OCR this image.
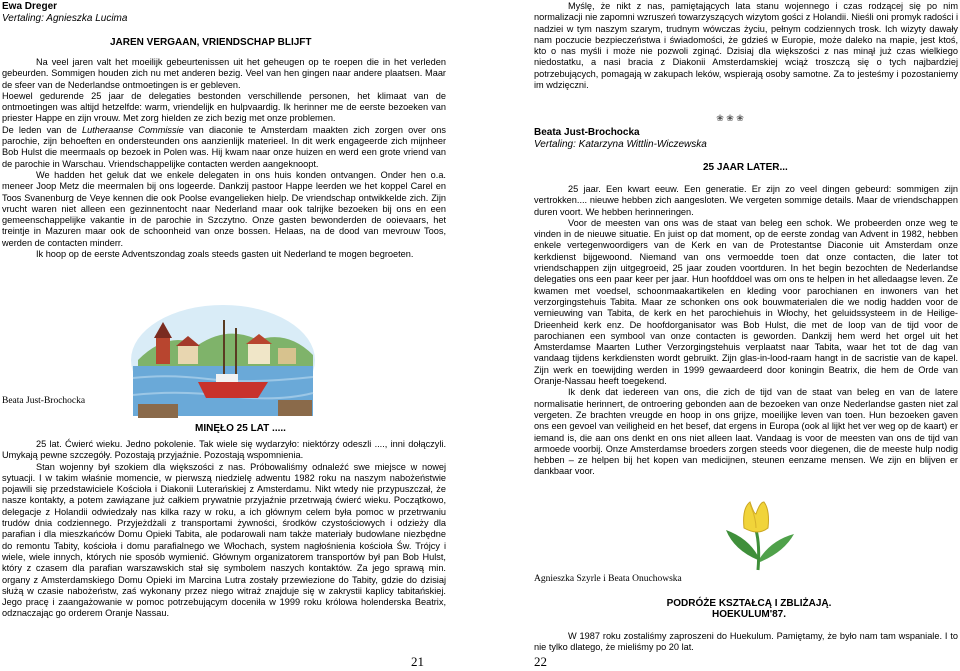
Ewa Dreger
Vertaling: Agnieszka Lucima
JAREN VERGAAN, VRIENDSCHAP BLIJFT

Na veel jaren valt het moeilijk gebeurtenissen uit het geheugen op te roepen die in het verleden gebeurden. Sommigen houden zich nu met anderen bezig. Veel van hen gingen naar andere plaatsen. Maar de sfeer van de Nederlandse ontmoetingen is er gebleven.

Hoewel gedurende 25 jaar de delegaties bestonden verschillende personen, het klimaat van de ontmoetingen was altijd hetzelfde: warm, vriendelijk en hulpvaardig. Ik herinner me de eerste bezoeken van priester Happe en zijn vrouw. Met zorg hielden ze zich bezig met onze problemen.

De leden van de Lutheraanse Commissie van diaconie te Amsterdam maakten zich zorgen over ons parochie, zijn behoeften en ondersteunden ons aanzienlijk materieel. In dit werk engageerde zich mijnheer Bob Hulst die meermaals op bezoek in Polen was. Hij kwam naar onze huizen en werd een grote vriend van de parochie in Warschau. Vriendschappelijke contacten werden aangeknoopt.

We hadden het geluk dat we enkele delegaten in ons huis konden ontvangen. Onder hen o.a. meneer Joop Metz die meermalen bij ons logeerde. Dankzij pastoor Happe leerden we het koppel Carel en Toos Svanenburg de Veye kennen die ook Poolse evangelieken hielp. De vriendschap ontwikkelde zich. Zijn vrucht waren niet alleen een gezinnentocht naar Nederland maar ook talrijke bezoeken bij ons en een gemeenschappelijke vakantie in de parochie in Szczytno. Onze gasten bewonderden de ooievaars, het treintje in Mazuren maar ook de schoonheid van onze bossen. Helaas, na de dood van mevrouw Toos, werden de contacten minderr.

Ik hoop op de eerste Adventszondag zoals steeds gasten uit Nederland te mogen begroeten.

Beata Just-Brochocka
MINĘŁO 25 LAT .....

25 lat. Ćwierć wieku. Jedno pokolenie. Tak wiele się wydarzyło: niektórzy odeszli ...., inni dołączyli. Umykają pewne szczegóły. Pozostają przyjaźnie. Pozostają wspomnienia.

Stan wojenny był szokiem dla większości z nas. Próbowaliśmy odnaleźć swe miejsce w nowej sytuacji. I w takim właśnie momencie, w pierwszą niedzielę adwentu 1982 roku na naszym nabożeństwie pojawili się przedstawiciele Kościoła i Diakonii Luterańskiej z Amsterdamu. Nikt wtedy nie przypuszczał, że nasze kontakty, a potem zawiązane już całkiem prywatnie przyjaźnie przetrwają ćwierć wieku. Początkowo, delegacje z Holandii odwiedzały nas kilka razy w roku, a ich głównym celem była pomoc w przetrwaniu trudów dnia codziennego. Przyjeżdżali z transportami żywności, środków czystościowych i odzieży dla parafian i dla mieszkańców Domu Opieki Tabita, ale podarowali nam także materiały budowlane niezbędne do remontu Tabity, kościoła i domu parafialnego we Włochach, system nagłośnienia kościoła Św. Trójcy i wiele, wiele innych, których nie sposób wymienić. Głównym organizatorem transportów był pan Bob Hulst, który z czasem dla parafian warszawskich stał się symbolem naszych kontaktów. Za jego sprawą min. organy z Amsterdamskiego Domu Opieki im Marcina Lutra zostały przewiezione do Tabity, gdzie do dzisiaj służą w czasie nabożeństw, zaś wykonany przez niego witraż znajduje się w zakrystii kaplicy tabitańskiej. Jego pracę i zaangażowanie w pomoc potrzebującym doceniła w 1999 roku królowa holenderska Beatrix, odznaczając go orderem Oranje Nassau.

21

Myślę, że nikt z nas, pamiętających lata stanu wojennego i czas rodzącej się po nim normalizacji nie zapomni wzruszeń towarzyszących wizytom gości z Holandii. Nieśli oni promyk radości i nadziei w tym naszym szarym, trudnym wówczas życiu, pełnym codziennych trosk. Ich wizyty dawały nam poczucie bezpieczeństwa i świadomości, że gdzieś w Europie, może daleko na mapie, jest ktoś, kto o nas myśli i może nie pozwoli zginąć. Dzisiaj dla większości z nas minął już czas wielkiego niedostatku, a nasi bracia z Diakonii Amsterdamskiej wciąż troszczą się o tych najbardziej potrzebujących, pomagają w zakupach leków, wspierają osoby samotne. Za to jesteśmy i pozostaniemy im wdzięczni.

❀ ❀ ❀
Beata Just-Brochocka
Vertaling: Katarzyna Wittlin-Wiczewska
25 JAAR LATER...

25 jaar. Een kwart eeuw. Een generatie. Er zijn zo veel dingen gebeurd: sommigen zijn vertrokken.... nieuwe hebben zich aangesloten. We vergeten sommige details. Maar de vriendschappen duren voort. We hebben herinneringen.

Voor de meesten van ons was de staat van beleg een schok. We probeerden onze weg te vinden in de nieuwe situatie. En juist op dat moment, op de eerste zondag van Advent in 1982, hebben enkele vertegenwoordigers van de Kerk en van de Protestantse Diaconie uit Amsterdam onze kerkdienst bijgewoond. Niemand van ons vermoedde toen dat onze contacten, die later tot vriendschappen zijn uitgegroeid, 25 jaar zouden voortduren. In het begin bezochten de Nederlandse delegaties ons een paar keer per jaar. Hun hoofddoel was om ons te helpen in het alledaagse leven. Ze kwamen met voedsel, schoonmaakartikelen en kleding voor parochianen en inwoners van het verzorgingstehuis Tabita. Maar ze schonken ons ook bouwmaterialen die we nodig hadden voor de vernieuwing van Tabita, de kerk en het parochiehuis in Włochy, het geluidssysteem in de Heilige-Drieenheid kerk enz. De hoofdorganisator was Bob Hulst, die met de loop van de tijd voor de parochianen een symbool van onze contacten is geworden. Dankzij hem werd het orgel uit het Amsterdamse Maarten Luther Verzorgingstehuis verplaatst naar Tabita, waar het tot de dag van vandaag tijdens kerkdiensten wordt gebruikt. Zijn glas-in-lood-raam hangt in de sacristie van de kapel. Zijn werk en toewijding werden in 1999 gewaardeerd door koningin Beatrix, die hem de Orde van Oranje-Nassau heeft toegekend.

Ik denk dat iedereen van ons, die zich de tijd van de staat van beleg en van de latere normalisatie herinnert, de ontroering gebonden aan de bezoeken van onze Nederlandse gasten niet zal vergeten. Ze brachten vreugde en hoop in ons grijze, moeilijke leven van toen. Hun bezoeken gaven ons een gevoel van veiligheid en het besef, dat ergens in Europa (ook al lijkt het ver weg op de kaart) er iemand is, die aan ons denkt en ons niet alleen laat. Vandaag is voor de meesten van ons de tijd van armoede voorbij. Onze Amsterdamse broeders zorgen steeds voor diegenen, die de meeste hulp nodig hebben – ze helpen bij het kopen van medicijnen, steunen eenzame mensen. We zijn en blijven er dankbaar voor.

Agnieszka Szyrle i Beata Onuchowska
PODRÓŻE KSZTAŁCĄ I ZBLIŻAJĄ.
HOEKULUM'87.

W 1987 roku zostaliśmy zaproszeni do Huekulum. Pamiętamy, że było nam tam wspaniale. I to nie tylko dlatego, że mieliśmy po 20 lat.

22
